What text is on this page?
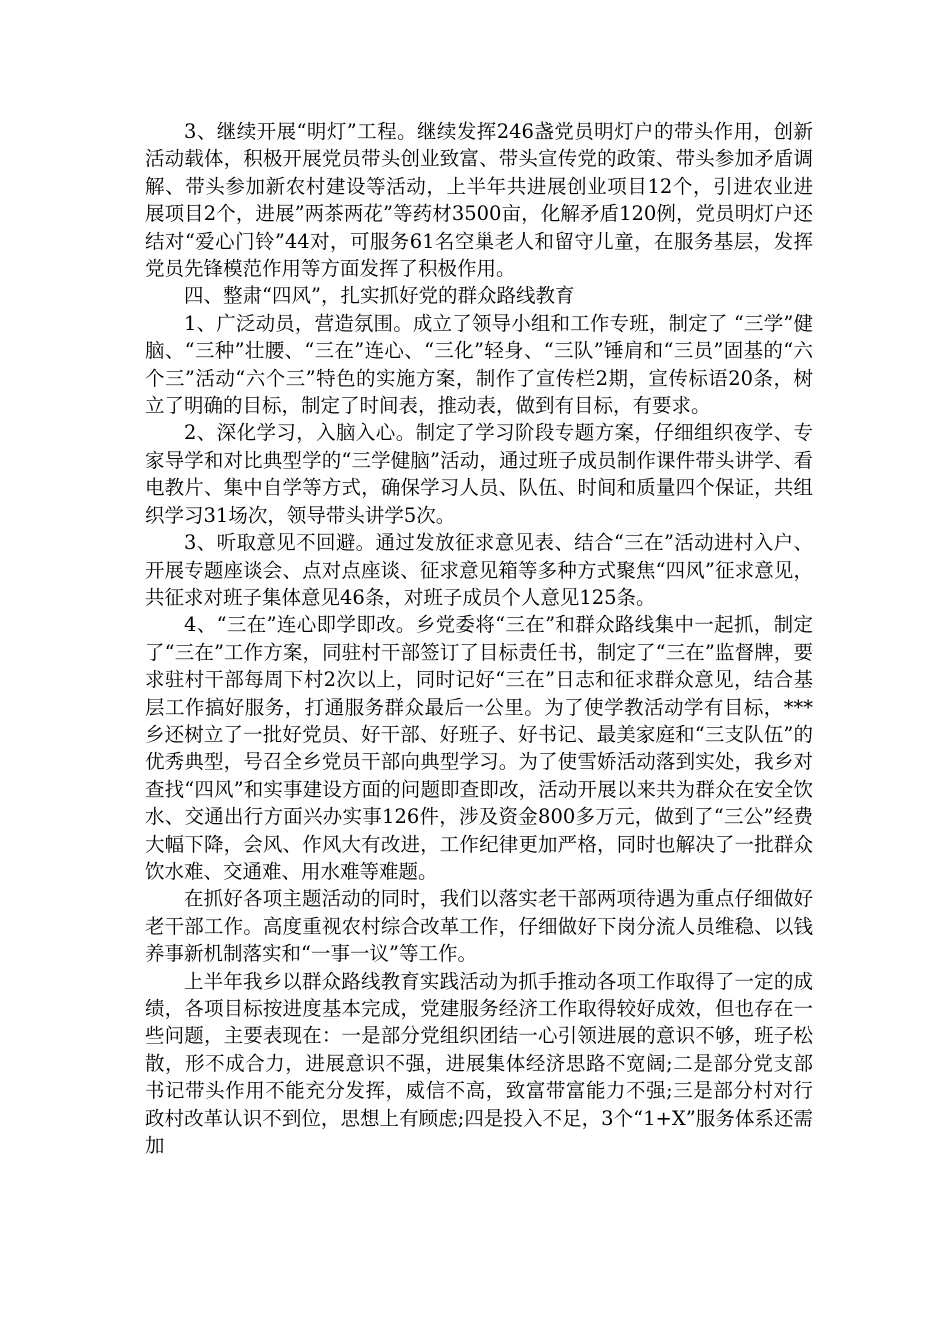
3、继续开展“明灯”工程。继续发挥246盏党员明灯户的带头作用，创新活动载体，积极开展党员带头创业致富、带头宣传党的政策、带头参加矛盾调解、带头参加新农村建设等活动，上半年共进展创业项目12个，引进农业进展项目2个，进展”两茶两花”等药材3500亩，化解矛盾120例，党员明灯户还结对“爱心门铃”44对，可服务61名空巢老人和留守儿童，在服务基层，发挥党员先锋模范作用等方面发挥了积极作用。

四、整肃“四风”，扎实抓好党的群众路线教育

1、广泛动员，营造氛围。成立了领导小组和工作专班，制定了 “三学”健脑、“三种”壮腰、“三在”连心、“三化”轻身、“三队”锤肩和“三员”固基的“六个三”活动“六个三”特色的实施方案，制作了宣传栏2期，宣传标语20条，树立了明确的目标，制定了时间表，推动表，做到有目标，有要求。

2、深化学习，入脑入心。制定了学习阶段专题方案，仔细组织夜学、专家导学和对比典型学的“三学健脑”活动，通过班子成员制作课件带头讲学、看电教片、集中自学等方式，确保学习人员、队伍、时间和质量四个保证，共组织学习31场次，领导带头讲学5次。

3、听取意见不回避。通过发放征求意见表、结合“三在”活动进村入户、开展专题座谈会、点对点座谈、征求意见箱等多种方式聚焦“四风”征求意见，共征求对班子集体意见46条，对班子成员个人意见125条。

4、“三在”连心即学即改。乡党委将“三在”和群众路线集中一起抓，制定了“三在”工作方案，同驻村干部签订了目标责任书，制定了“三在”监督牌，要求驻村干部每周下村2次以上，同时记好“三在”日志和征求群众意见，结合基层工作搞好服务，打通服务群众最后一公里。为了使学教活动学有目标，***乡还树立了一批好党员、好干部、好班子、好书记、最美家庭和“三支队伍”的优秀典型，号召全乡党员干部向典型学习。为了使雪娇活动落到实处，我乡对查找“四风”和实事建设方面的问题即查即改，活动开展以来共为群众在安全饮水、交通出行方面兴办实事126件，涉及资金800多万元，做到了“三公”经费大幅下降，会风、作风大有改进，工作纪律更加严格，同时也解决了一批群众饮水难、交通难、用水难等难题。

在抓好各项主题活动的同时，我们以落实老干部两项待遇为重点仔细做好老干部工作。高度重视农村综合改革工作，仔细做好下岗分流人员维稳、以钱养事新机制落实和“一事一议”等工作。

上半年我乡以群众路线教育实践活动为抓手推动各项工作取得了一定的成绩，各项目标按进度基本完成，党建服务经济工作取得较好成效，但也存在一些问题，主要表现在：一是部分党组织团结一心引领进展的意识不够，班子松散，形不成合力，进展意识不强，进展集体经济思路不宽阔;二是部分党支部书记带头作用不能充分发挥，威信不高，致富带富能力不强;三是部分村对行政村改革认识不到位，思想上有顾虑;四是投入不足，3个“1+X”服务体系还需加
